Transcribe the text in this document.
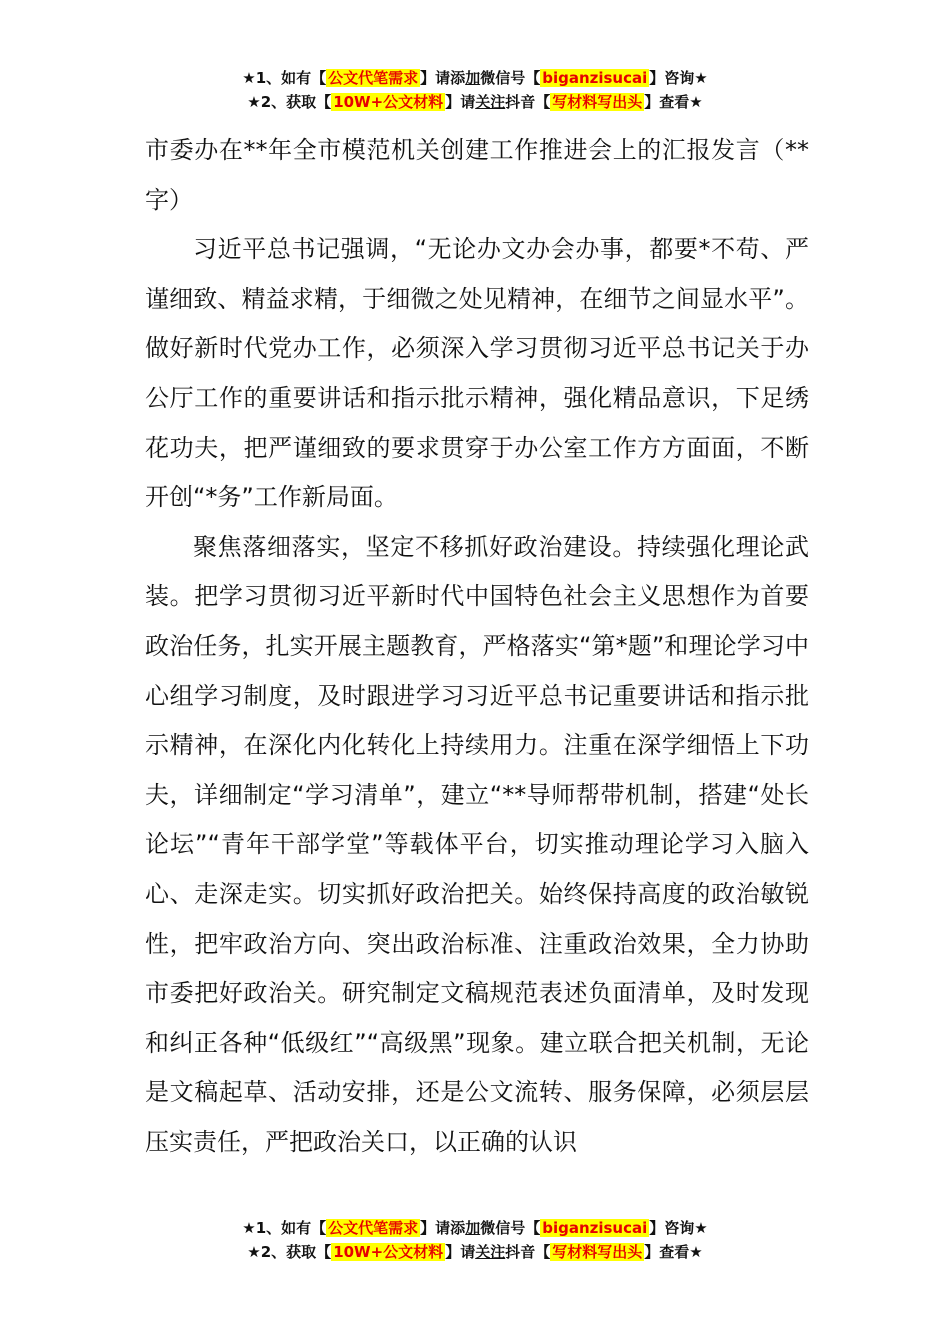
★1、如有【 公文代笔需求 】请添加微信号【 biganzisucai 】咨询★
★2、获取【 10W+公文材料 】请关注抖音【 写材料写出头 】查看★

市委办在**年全市模范机关创建工作推进会上的汇报发言（**字）

习近平总书记强调，“无论办文办会办事，都要*不苟、严谨细致、精益求精，于细微之处见精神，在细节之间显水平”。做好新时代党办工作，必须深入学习贯彻习近平总书记关于办公厅工作的重要讲话和指示批示精神，强化精品意识，下足绣花功夫，把严谨细致的要求贯穿于办公室工作方方面面，不断开创“*务”工作新局面。

聚焦落细落实，坚定不移抓好政治建设。持续强化理论武装。把学习贯彻习近平新时代中国特色社会主义思想作为首要政治任务，扎实开展主题教育，严格落实“第*题”和理论学习中心组学习制度，及时跟进学习习近平总书记重要讲话和指示批示精神，在深化内化转化上持续用力。注重在深学细悟上下功夫，详细制定“学习清单”，建立“**导师帮带机制，搭建“处长论坛”“青年干部学堂”等载体平台，切实推动理论学习入脑入心、走深走实。切实抓好政治把关。始终保持高度的政治敏锐性，把牢政治方向、突出政治标准、注重政治效果，全力协助市委把好政治关。研究制定文稿规范表述负面清单，及时发现和纠正各种“低级红”“高级黑”现象。建立联合把关机制，无论是文稿起草、活动安排，还是公文流转、服务保障，必须层层压实责任，严把政治关口，以正确的认识

★1、如有【 公文代笔需求 】请添加微信号【 biganzisucai 】咨询★
★2、获取【 10W+公文材料 】请关注抖音【 写材料写出头 】查看★
